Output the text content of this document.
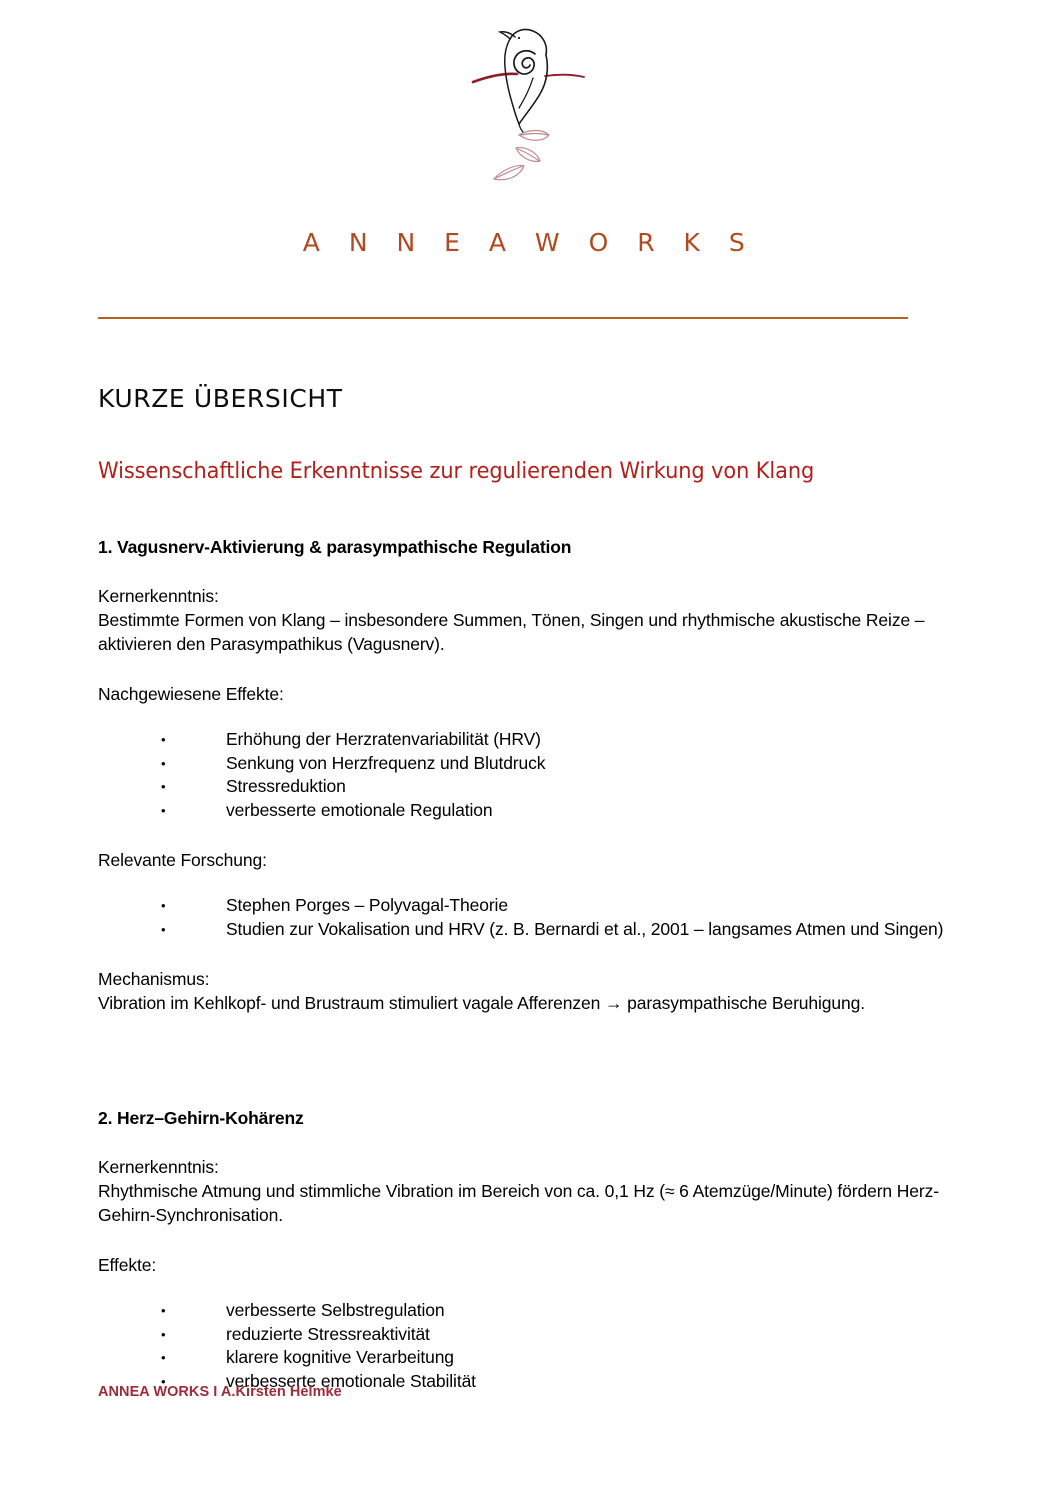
A N N E A W O R K S
KURZE ÜBERSICHT
Wissenschaftliche Erkenntnisse zur regulierenden Wirkung von Klang
1. Vagusnerv-Aktivierung & parasympathische Regulation

Kernerkenntnis:

Bestimmte Formen von Klang – insbesondere Summen, Tönen, Singen und rhythmische akustische Reize – aktivieren den Parasympathikus (Vagusnerv).

Nachgewiesene Effekte:

• Erhöhung der Herzratenvariabilität (HRV)
• Senkung von Herzfrequenz und Blutdruck
• Stressreduktion
• verbesserte emotionale Regulation

Relevante Forschung:

• Stephen Porges – Polyvagal-Theorie
• Studien zur Vokalisation und HRV (z. B. Bernardi et al., 2001 – langsames Atmen und Singen)

Mechanismus:

Vibration im Kehlkopf- und Brustraum stimuliert vagale Afferenzen → parasympathische Beruhigung.

2. Herz–Gehirn-Kohärenz

Kernerkenntnis:

Rhythmische Atmung und stimmliche Vibration im Bereich von ca. 0,1 Hz (≈ 6 Atemzüge/Minute) fördern Herz-Gehirn-Synchronisation.

Effekte:

• verbesserte Selbstregulation
• reduzierte Stressreaktivität
• klarere kognitive Verarbeitung
• verbesserte emotionale Stabilität
ANNEA WORKS I A.Kirsten Helmke
